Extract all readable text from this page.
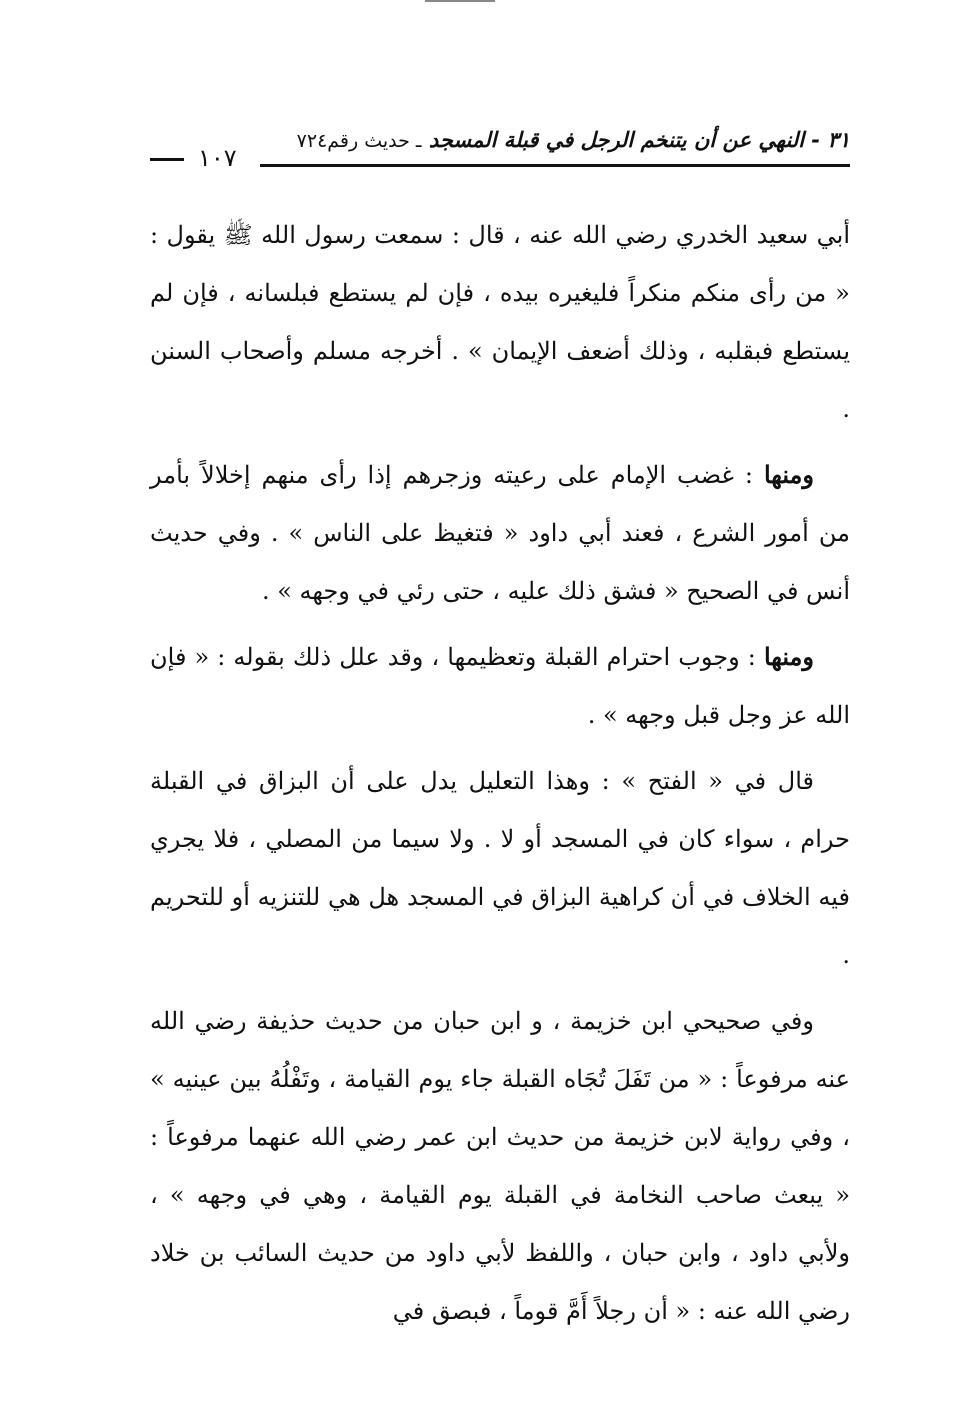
٣١ - النهي عن أن يتنخم الرجل في قبلة المسجد ـ حديث رقم٧٢٤
١٠٧

أبي سعيد الخدري رضي الله عنه ، قال : سمعت رسول الله ﷺ يقول : « من رأى منكم منكراً فليغيره بيده ، فإن لم يستطع فبلسانه ، فإن لم يستطع فبقلبه ، وذلك أضعف الإيمان » . أخرجه مسلم وأصحاب السنن .

ومنها : غضب الإمام على رعيته وزجرهم إذا رأى منهم إخلالاً بأمر من أمور الشرع ، فعند أبي داود « فتغيظ على الناس » . وفي حديث أنس في الصحيح « فشق ذلك عليه ، حتى رئي في وجهه » .

ومنها : وجوب احترام القبلة وتعظيمها ، وقد علل ذلك بقوله : « فإن الله عز وجل قبل وجهه » .

قال في « الفتح » : وهذا التعليل يدل على أن البزاق في القبلة حرام ، سواء كان في المسجد أو لا . ولا سيما من المصلي ، فلا يجري فيه الخلاف في أن كراهية البزاق في المسجد هل هي للتنزيه أو للتحريم .

وفي صحيحي ابن خزيمة ، و ابن حبان من حديث حذيفة رضي الله عنه مرفوعاً : « من تَفَلَ تُجَاه القبلة جاء يوم القيامة ، وتَفْلُهُ بين عينيه » ، وفي رواية لابن خزيمة من حديث ابن عمر رضي الله عنهما مرفوعاً : « يبعث صاحب النخامة في القبلة يوم القيامة ، وهي في وجهه » ، ولأبي داود ، وابن حبان ، واللفظ لأبي داود من حديث السائب بن خلاد رضي الله عنه : « أن رجلاً أَمَّ قوماً ، فبصق في
